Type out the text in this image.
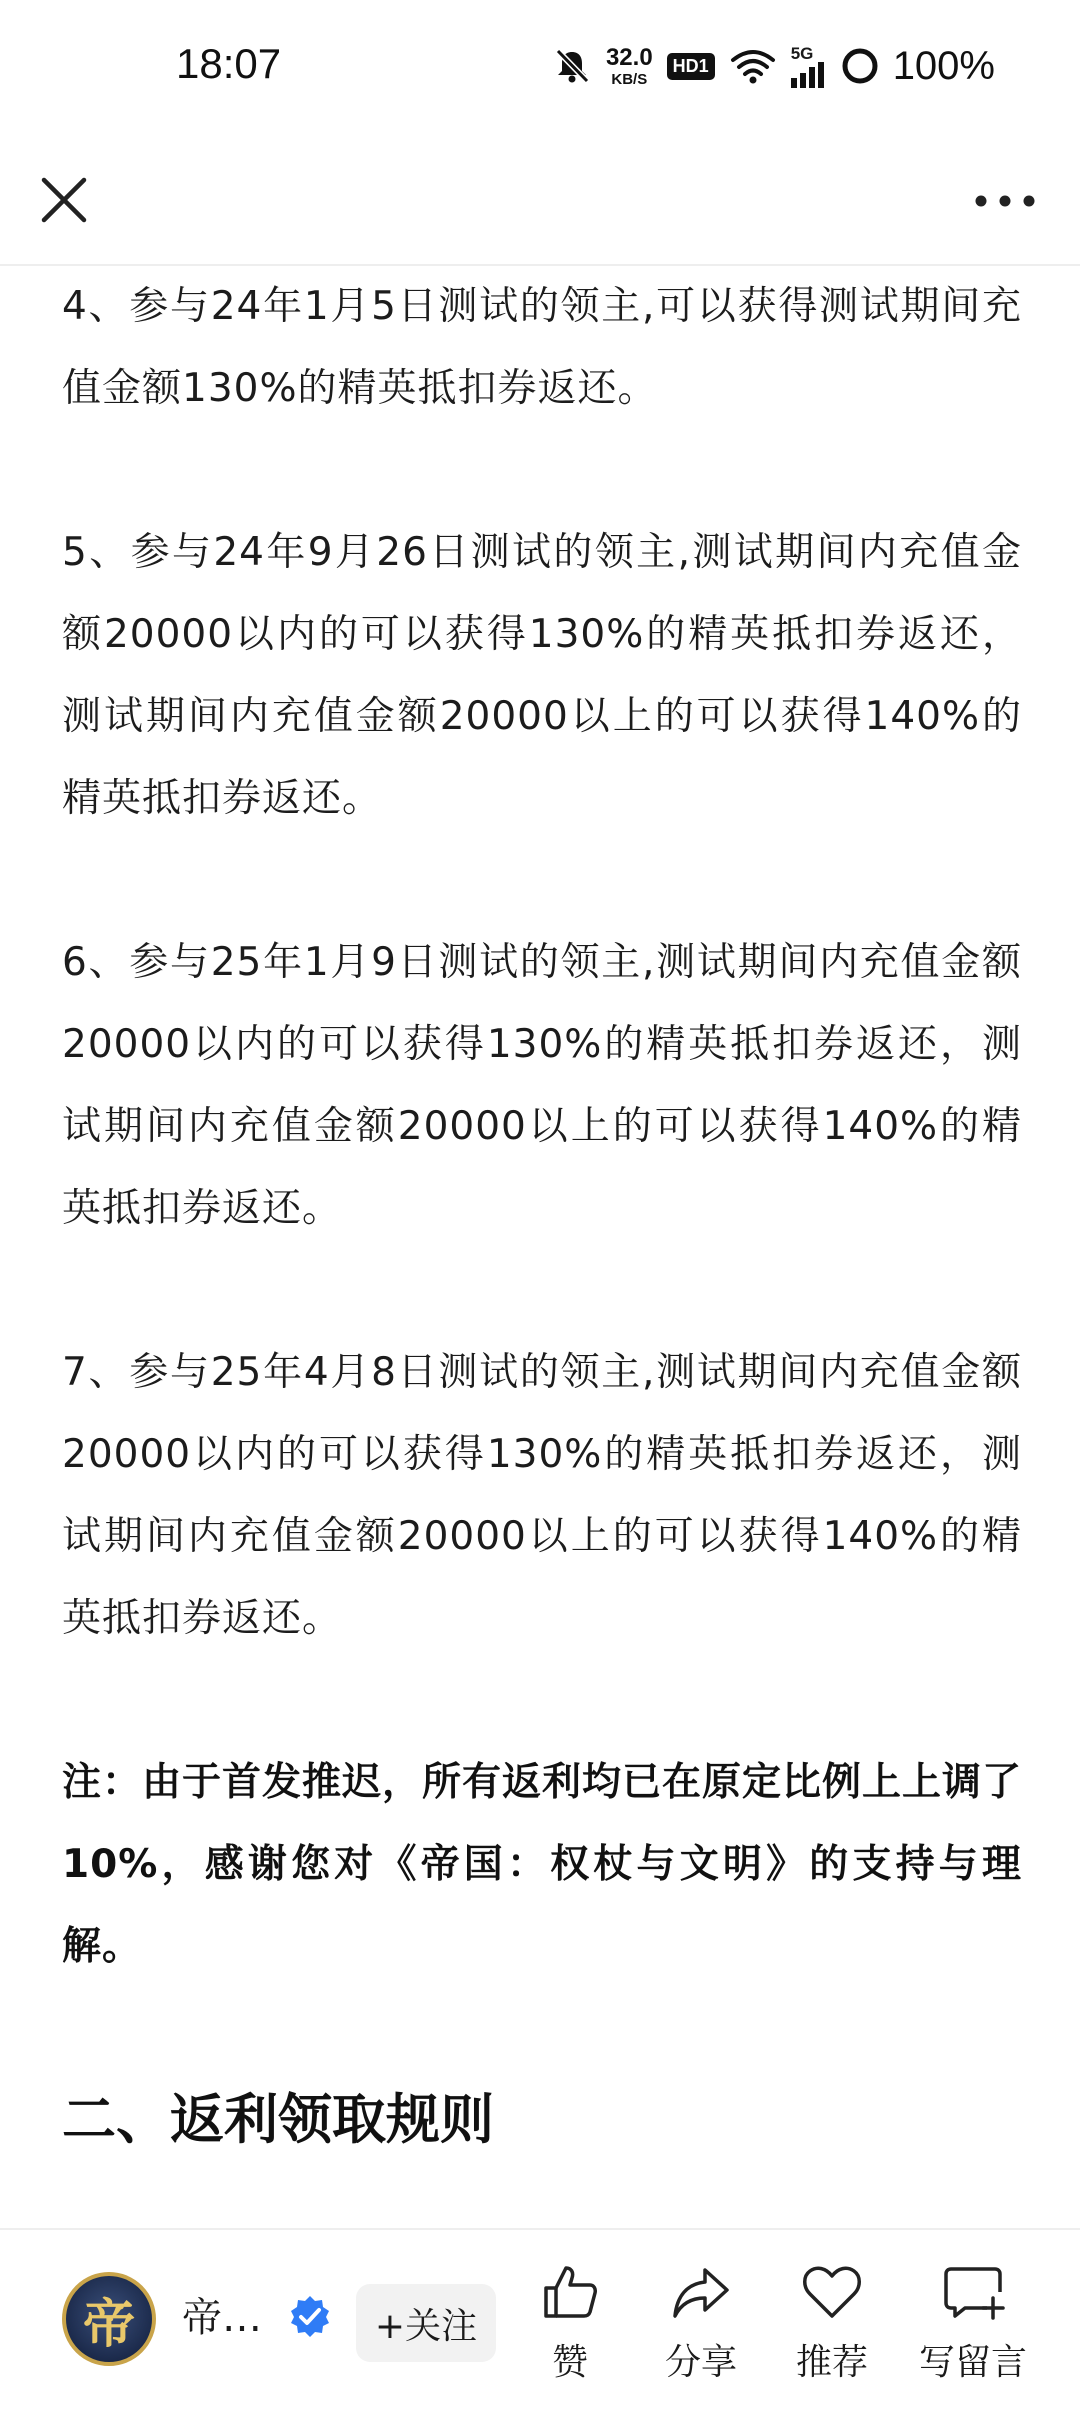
18:07	32.0
KB/S
HD1
5G 100%

4、参与24年1月5日测试的领主,可以获得测试期间充值金额130%的精英抵扣券返还。

5、参与24年9月26日测试的领主,测试期间内充值金额20000以内的可以获得130%的精英抵扣券返还，测试期间内充值金额20000以上的可以获得140%的精英抵扣券返还。

6、参与25年1月9日测试的领主,测试期间内充值金额20000以内的可以获得130%的精英抵扣券返还，测试期间内充值金额20000以上的可以获得140%的精英抵扣券返还。

7、参与25年4月8日测试的领主,测试期间内充值金额20000以内的可以获得130%的精英抵扣券返还，测试期间内充值金额20000以上的可以获得140%的精英抵扣券返还。

注：由于首发推迟，所有返利均已在原定比例上上调了10%，感谢您对《帝国：权杖与文明》的支持与理解。

二、返利领取规则
帝 帝…	+关注
赞 分享 推荐 写留言
